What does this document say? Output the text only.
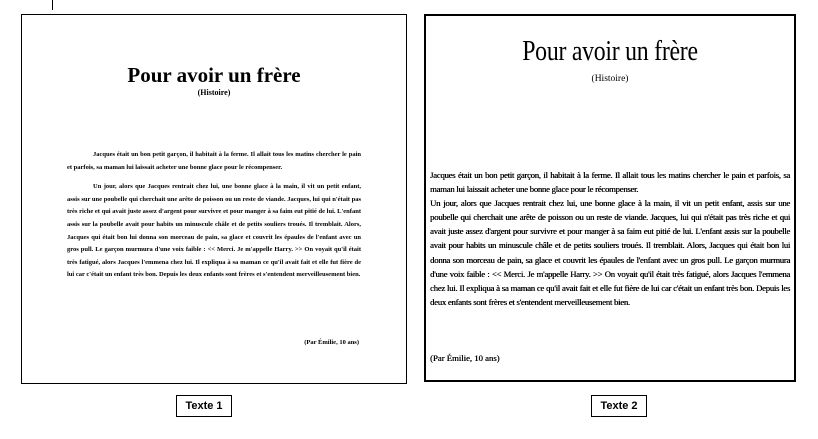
Pour avoir un frère
(Histoire)

Jacques était un bon petit garçon, il habitait à la ferme. Il allait tous les matins chercher le pain et parfois, sa maman lui laissait acheter une bonne glace pour le récompenser.

Un jour, alors que Jacques rentrait chez lui, une bonne glace à la main, il vit un petit enfant, assis sur une poubelle qui cherchait une arête de poisson ou un reste de viande. Jacques, lui qui n'était pas très riche et qui avait juste assez d'argent pour survivre et pour manger à sa faim eut pitié de lui. L'enfant assis sur la poubelle avait pour habits un minuscule châle et de petits souliers troués. Il tremblait. Alors, Jacques qui était bon lui donna son morceau de pain, sa glace et couvrit les épaules de l'enfant avec un gros pull. Le garçon murmura d'une voix faible : << Merci. Je m'appelle Harry. >> On voyait qu'il était très fatigué, alors Jacques l'emmena chez lui. Il expliqua à sa maman ce qu'il avait fait et elle fut fière de lui car c'était un enfant très bon. Depuis les deux enfants sont frères et s'entendent merveilleusement bien.

(Par Émilie, 10 ans)
Pour avoir un frère
(Histoire)

Jacques était un bon petit garçon, il habitait à la ferme. Il allait tous les matins chercher le pain et parfois, sa maman lui laissait acheter une bonne glace pour le récompenser.

Un jour, alors que Jacques rentrait chez lui, une bonne glace à la main, il vit un petit enfant, assis sur une poubelle qui cherchait une arête de poisson ou un reste de viande. Jacques, lui qui n'était pas très riche et qui avait juste assez d'argent pour survivre et pour manger à sa faim eut pitié de lui. L'enfant assis sur la poubelle avait pour habits un minuscule châle et de petits souliers troués. Il tremblait. Alors, Jacques qui était bon lui donna son morceau de pain, sa glace et couvrit les épaules de l'enfant avec un gros pull. Le garçon murmura d'une voix faible : << Merci. Je m'appelle Harry. >> On voyait qu'il était très fatigué, alors Jacques l'emmena chez lui. Il expliqua à sa maman ce qu'il avait fait et elle fut fière de lui car c'était un enfant très bon. Depuis les deux enfants sont frères et s'entendent merveilleusement bien.

(Par Émilie, 10 ans)
Texte 1	Texte 2
